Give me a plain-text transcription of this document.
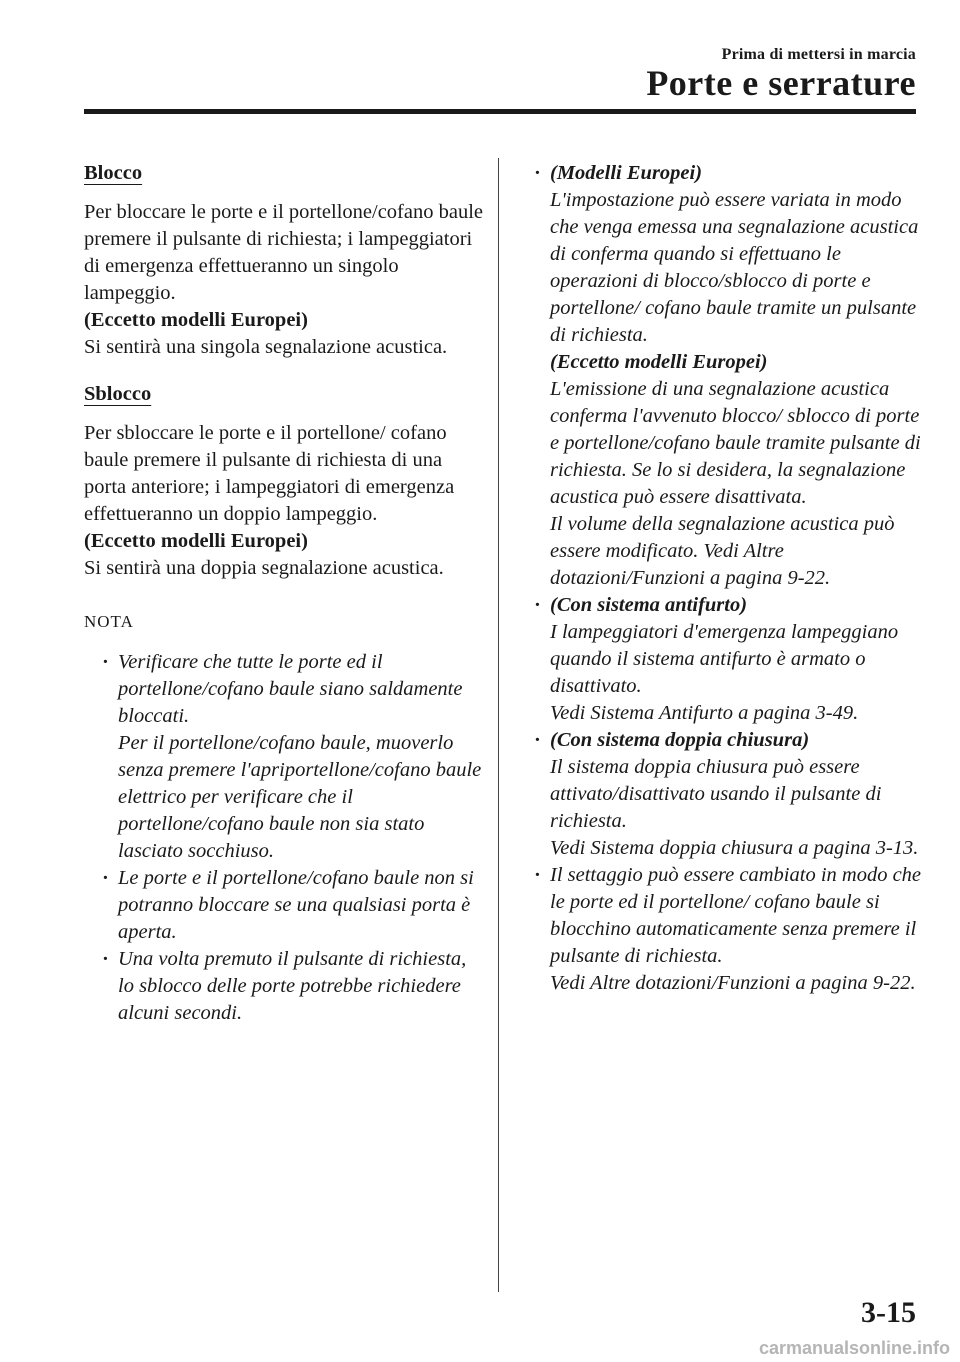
Prima di mettersi in marcia
Porte e serrature
Blocco

Per bloccare le porte e il portellone/cofano baule premere il pulsante di richiesta; i lampeggiatori di emergenza effettueranno un singolo lampeggio.

(Eccetto modelli Europei)

Si sentirà una singola segnalazione acustica.

Sblocco

Per sbloccare le porte e il portellone/ cofano baule premere il pulsante di richiesta di una porta anteriore; i lampeggiatori di emergenza effettueranno un doppio lampeggio.

(Eccetto modelli Europei)

Si sentirà una doppia segnalazione acustica.

NOTA
· Verificare che tutte le porte ed il portellone/cofano baule siano saldamente bloccati.
Per il portellone/cofano baule, muoverlo senza premere l'apriportellone/cofano baule elettrico per verificare che il portellone/cofano baule non sia stato lasciato socchiuso.
· Le porte e il portellone/cofano baule non si potranno bloccare se una qualsiasi porta è aperta.
· Una volta premuto il pulsante di richiesta, lo sblocco delle porte potrebbe richiedere alcuni secondi.
· (Modelli Europei)
L'impostazione può essere variata in modo che venga emessa una segnalazione acustica di conferma quando si effettuano le operazioni di blocco/sblocco di porte e portellone/ cofano baule tramite un pulsante di richiesta.
(Eccetto modelli Europei)
L'emissione di una segnalazione acustica conferma l'avvenuto blocco/ sblocco di porte e portellone/cofano baule tramite pulsante di richiesta. Se lo si desidera, la segnalazione acustica può essere disattivata.
Il volume della segnalazione acustica può essere modificato. Vedi Altre dotazioni/Funzioni a pagina 9-22.
· (Con sistema antifurto)
I lampeggiatori d'emergenza lampeggiano quando il sistema antifurto è armato o disattivato.
Vedi Sistema Antifurto a pagina 3-49.
· (Con sistema doppia chiusura)
Il sistema doppia chiusura può essere attivato/disattivato usando il pulsante di richiesta.
Vedi Sistema doppia chiusura a pagina 3-13.
· Il settaggio può essere cambiato in modo che le porte ed il portellone/ cofano baule si blocchino automaticamente senza premere il pulsante di richiesta.
Vedi Altre dotazioni/Funzioni a pagina 9-22.
3-15
carmanualsonline.info
